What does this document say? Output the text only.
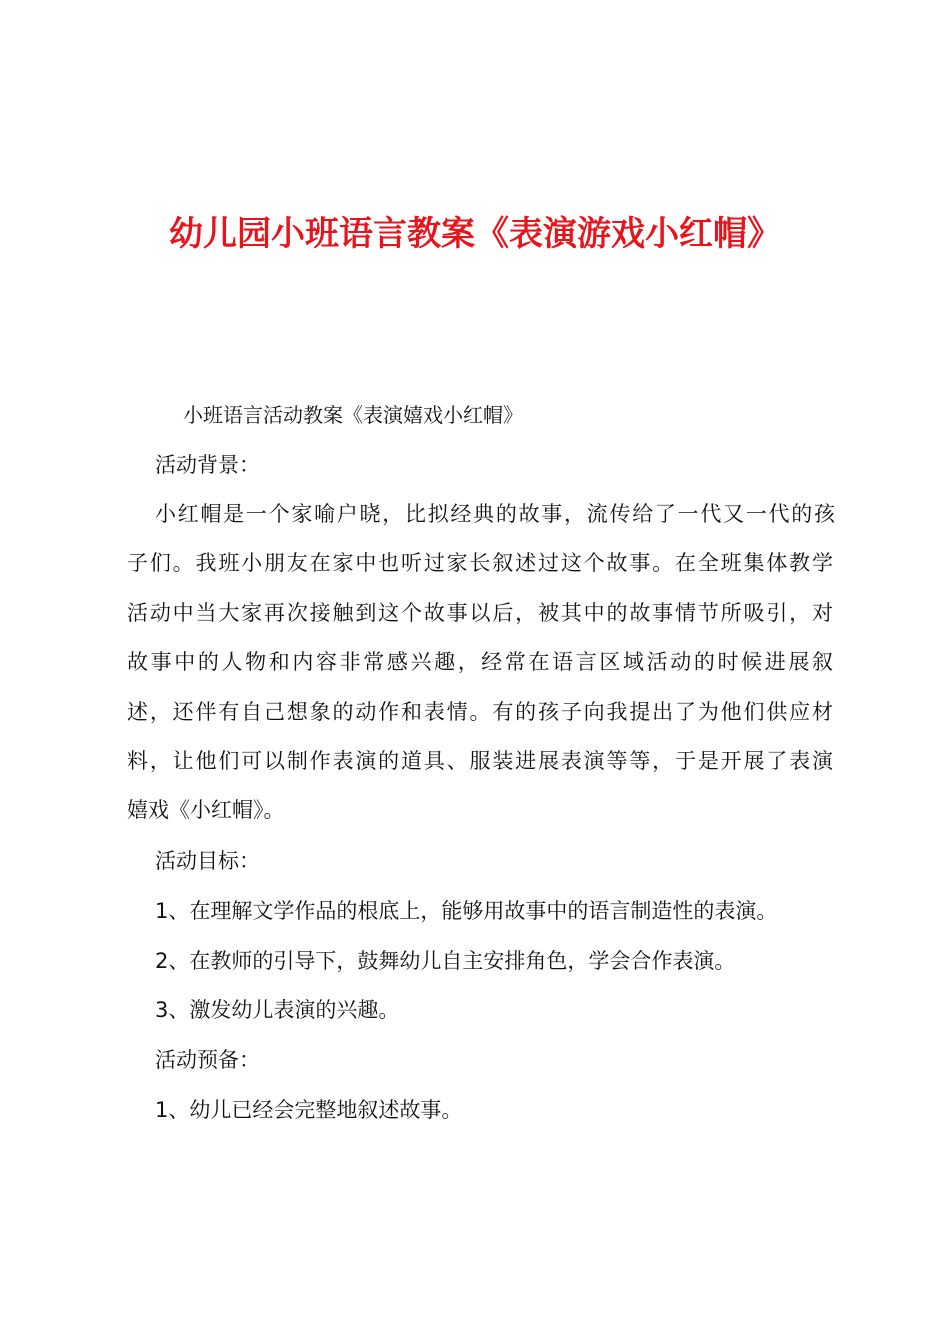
幼儿园小班语言教案《表演游戏小红帽》
小班语言活动教案《表演嬉戏小红帽》
活动背景：
小红帽是一个家喻户晓，比拟经典的故事，流传给了一代又一代的孩
子们。我班小朋友在家中也听过家长叙述过这个故事。在全班集体教学
活动中当大家再次接触到这个故事以后，被其中的故事情节所吸引，对
故事中的人物和内容非常感兴趣，经常在语言区域活动的时候进展叙
述，还伴有自己想象的动作和表情。有的孩子向我提出了为他们供应材
料，让他们可以制作表演的道具、服装进展表演等等，于是开展了表演
嬉戏《小红帽》。
活动目标：
1、在理解文学作品的根底上，能够用故事中的语言制造性的表演。
2、在教师的引导下，鼓舞幼儿自主安排角色，学会合作表演。
3、激发幼儿表演的兴趣。
活动预备：
1、幼儿已经会完整地叙述故事。
